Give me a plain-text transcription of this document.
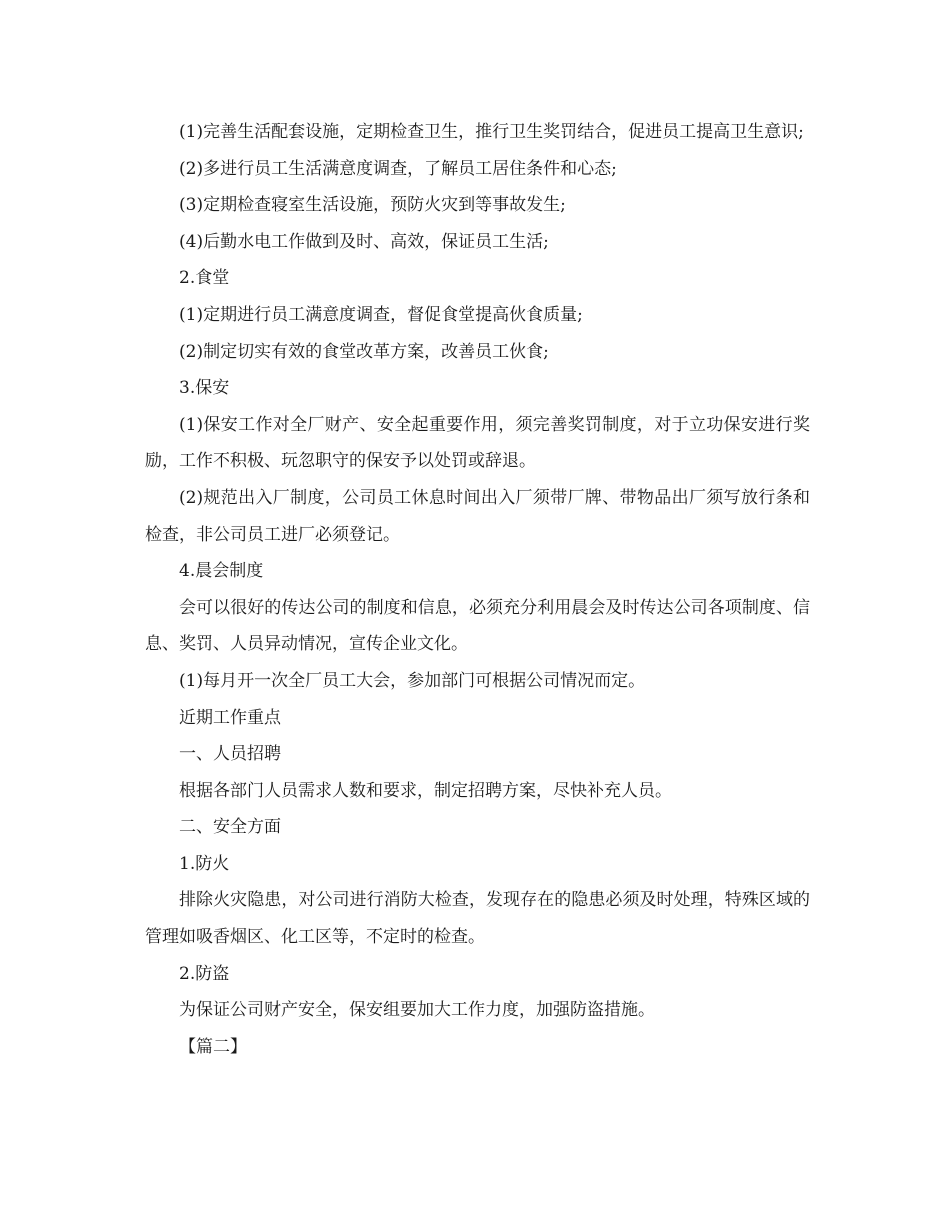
(1)完善生活配套设施，定期检查卫生，推行卫生奖罚结合，促进员工提高卫生意识;

(2)多进行员工生活满意度调查，了解员工居住条件和心态;

(3)定期检查寝室生活设施，预防火灾到等事故发生;

(4)后勤水电工作做到及时、高效，保证员工生活;

2.食堂

(1)定期进行员工满意度调查，督促食堂提高伙食质量;

(2)制定切实有效的食堂改革方案，改善员工伙食;

3.保安

(1)保安工作对全厂财产、安全起重要作用，须完善奖罚制度，对于立功保安进行奖励，工作不积极、玩忽职守的保安予以处罚或辞退。

(2)规范出入厂制度，公司员工休息时间出入厂须带厂牌、带物品出厂须写放行条和检查，非公司员工进厂必须登记。

4.晨会制度

会可以很好的传达公司的制度和信息，必须充分利用晨会及时传达公司各项制度、信息、奖罚、人员异动情况，宣传企业文化。

(1)每月开一次全厂员工大会，参加部门可根据公司情况而定。

近期工作重点

一、人员招聘

根据各部门人员需求人数和要求，制定招聘方案，尽快补充人员。

二、安全方面

1.防火

排除火灾隐患，对公司进行消防大检查，发现存在的隐患必须及时处理，特殊区域的管理如吸香烟区、化工区等，不定时的检查。

2.防盗

为保证公司财产安全，保安组要加大工作力度，加强防盗措施。

【篇二】
